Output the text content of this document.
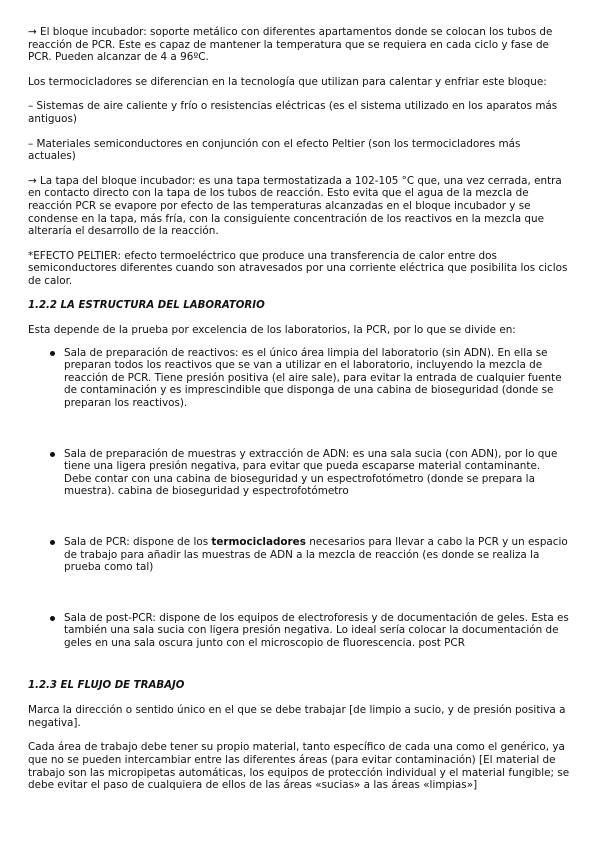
→ El bloque incubador: soporte metálico con diferentes apartamentos donde se colocan los tubos de reacción de PCR. Este es capaz de mantener la temperatura que se requiera en cada ciclo y fase de PCR. Pueden alcanzar de 4 a 96ºC.

Los termocicladores se diferencian en la tecnología que utilizan para calentar y enfriar este bloque:

– Sistemas de aire caliente y frío o resistencias eléctricas (es el sistema utilizado en los aparatos más antiguos)

– Materiales semiconductores en conjunción con el efecto Peltier (son los termocicladores más actuales)

→ La tapa del bloque incubador: es una tapa termostatizada a 102-105 °C que, una vez cerrada, entra en contacto directo con la tapa de los tubos de reacción. Esto evita que el agua de la mezcla de reacción PCR se evapore por efecto de las temperaturas alcanzadas en el bloque incubador y se condense en la tapa, más fría, con la consiguiente concentración de los reactivos en la mezcla que alteraría el desarrollo de la reacción.

*EFECTO PELTIER: efecto termoeléctrico que produce una transferencia de calor entre dos semiconductores diferentes cuando son atravesados por una corriente eléctrica que posibilita los ciclos de calor.

1.2.2 LA ESTRUCTURA DEL LABORATORIO

Esta depende de la prueba por excelencia de los laboratorios, la PCR, por lo que se divide en:

Sala de preparación de reactivos: es el único área limpia del laboratorio (sin ADN). En ella se preparan todos los reactivos que se van a utilizar en el laboratorio, incluyendo la mezcla de reacción de PCR. Tiene presión positiva (el aire sale), para evitar la entrada de cualquier fuente de contaminación y es imprescindible que disponga de una cabina de bioseguridad (donde se preparan los reactivos).
Sala de preparación de muestras y extracción de ADN: es una sala sucia (con ADN), por lo que tiene una ligera presión negativa, para evitar que pueda escaparse material contaminante. Debe contar con una cabina de bioseguridad y un espectrofotómetro (donde se prepara la muestra). cabina de bioseguridad y espectrofotómetro
Sala de PCR: dispone de los termocicladores necesarios para llevar a cabo la PCR y un espacio de trabajo para añadir las muestras de ADN a la mezcla de reacción (es donde se realiza la prueba como tal)
Sala de post-PCR: dispone de los equipos de electroforesis y de documentación de geles. Esta es también una sala sucia con ligera presión negativa. Lo ideal sería colocar la documentación de geles en una sala oscura junto con el microscopio de fluorescencia. post PCR
1.2.3 EL FLUJO DE TRABAJO

Marca la dirección o sentido único en el que se debe trabajar [de limpio a sucio, y de presión positiva a negativa].

Cada área de trabajo debe tener su propio material, tanto específico de cada una como el genérico, ya que no se pueden intercambiar entre las diferentes áreas (para evitar contaminación) [El material de trabajo son las micropipetas automáticas, los equipos de protección individual y el material fungible; se debe evitar el paso de cualquiera de ellos de las áreas «sucias» a las áreas «limpias»]
